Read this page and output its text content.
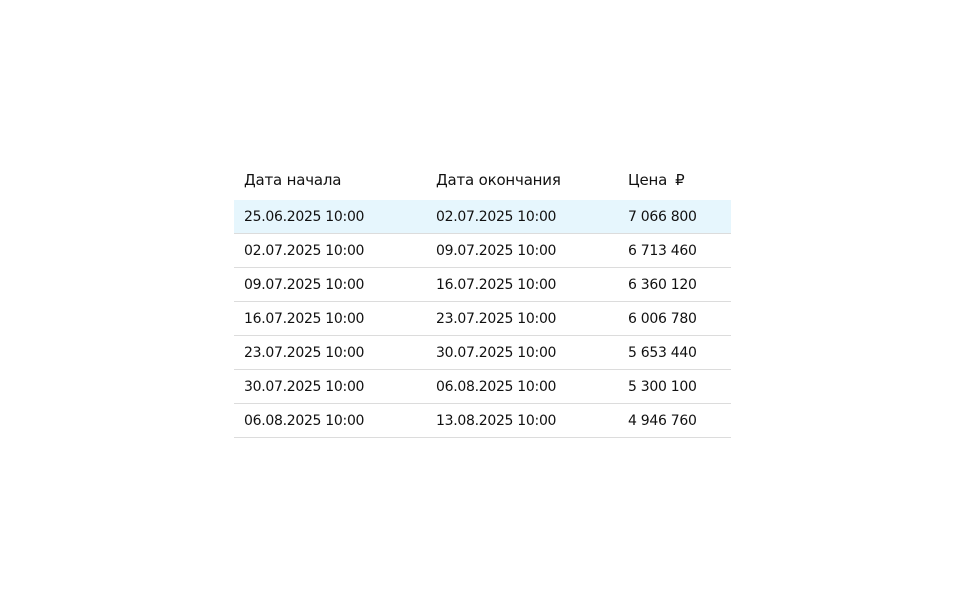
Дата начала	Дата окончания	Цена ₽
25.06.2025 10:00	02.07.2025 10:00	7 066 800
02.07.2025 10:00	09.07.2025 10:00	6 713 460
09.07.2025 10:00	16.07.2025 10:00	6 360 120
16.07.2025 10:00	23.07.2025 10:00	6 006 780
23.07.2025 10:00	30.07.2025 10:00	5 653 440
30.07.2025 10:00	06.08.2025 10:00	5 300 100
06.08.2025 10:00	13.08.2025 10:00	4 946 760
